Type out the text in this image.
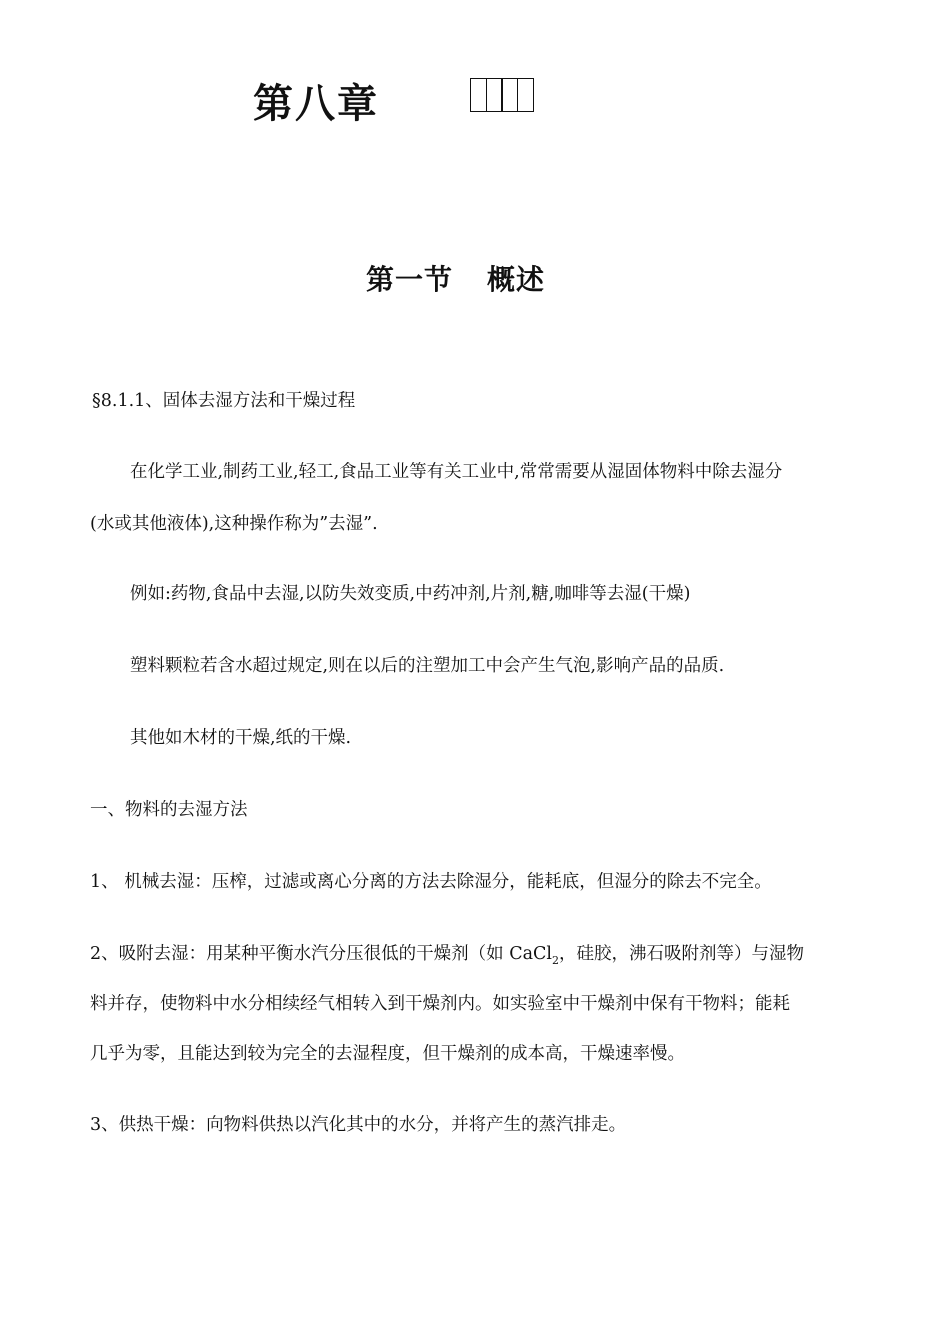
第八章
第一节 概述
§8.1.1、固体去湿方法和干燥过程
在化学工业,制药工业,轻工,食品工业等有关工业中,常常需要从湿固体物料中除去湿分
(水或其他液体),这种操作称为”去湿”.
例如:药物,食品中去湿,以防失效变质,中药冲剂,片剂,糖,咖啡等去湿(干燥)
塑料颗粒若含水超过规定,则在以后的注塑加工中会产生气泡,影响产品的品质.
其他如木材的干燥,纸的干燥.
一、物料的去湿方法
1、 机械去湿：压榨，过滤或离心分离的方法去除湿分，能耗底，但湿分的除去不完全。
2、吸附去湿：用某种平衡水汽分压很低的干燥剂（如 CaCl$_2$，硅胶，沸石吸附剂等）与湿物
料并存，使物料中水分相续经气相转入到干燥剂内。如实验室中干燥剂中保有干物料；能耗
几乎为零，且能达到较为完全的去湿程度，但干燥剂的成本高，干燥速率慢。
3、供热干燥：向物料供热以汽化其中的水分，并将产生的蒸汽排走。
